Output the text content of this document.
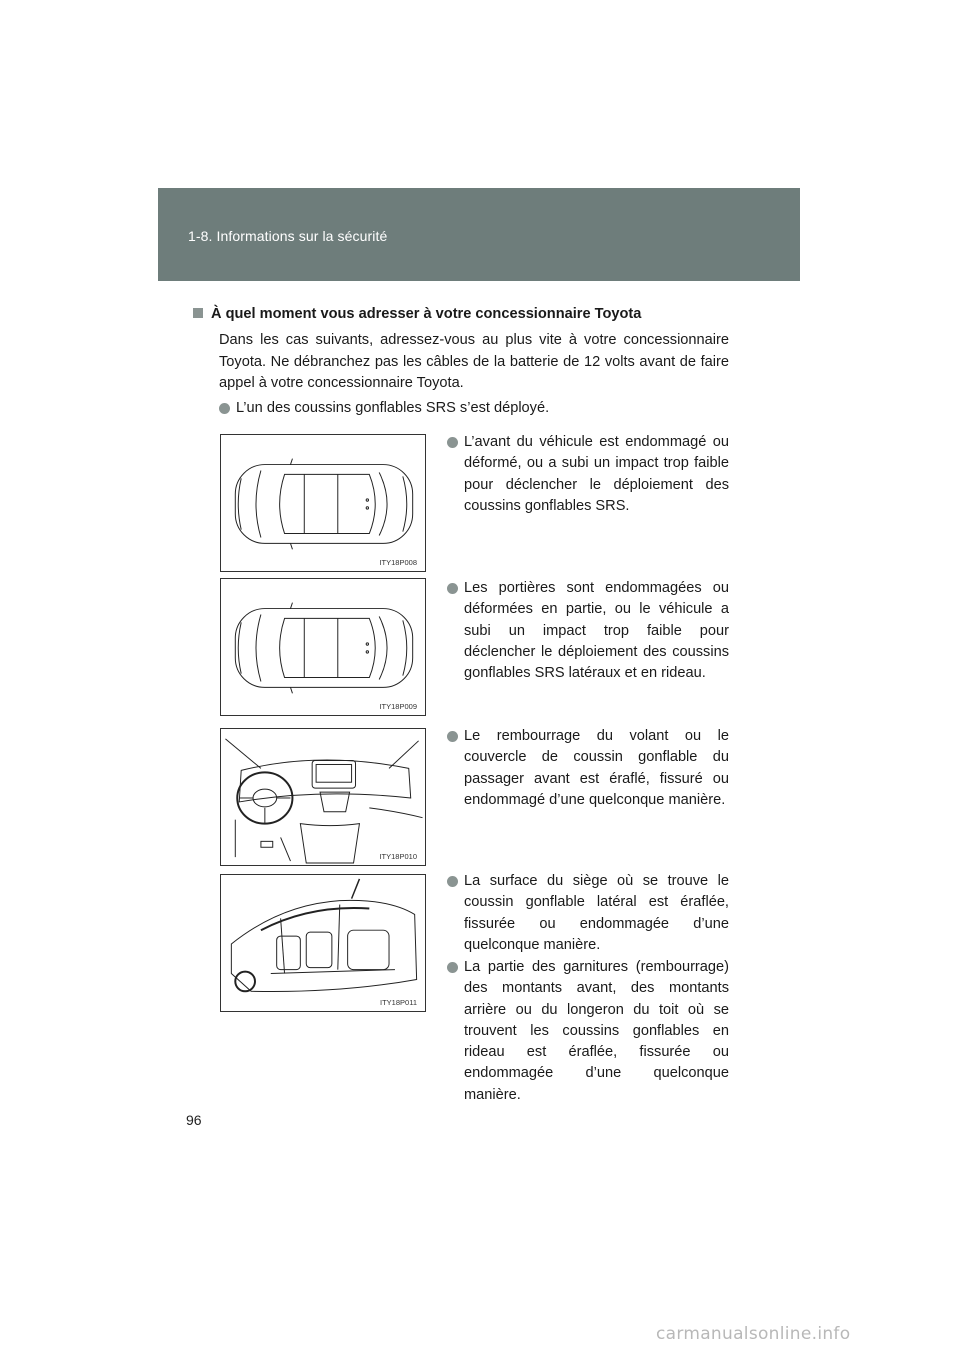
1-8. Informations sur la sécurité
À quel moment vous adresser à votre concessionnaire Toyota

Dans les cas suivants, adressez-vous au plus vite à votre concessionnaire Toyota. Ne débranchez pas les câbles de la batterie de 12 volts avant de faire appel à votre concessionnaire Toyota.

L’un des coussins gonflables SRS s’est déployé.
ITY18P008
L’avant du véhicule est endommagé ou déformé, ou a subi un impact trop faible pour déclencher le déploiement des coussins gonflables SRS.
ITY18P009
Les portières sont endommagées ou déformées en partie, ou le véhicule a subi un impact trop faible pour déclencher le déploiement des coussins gonflables SRS latéraux et en rideau.
ITY18P010
Le rembourrage du volant ou le couvercle de coussin gonflable du passager avant est éraflé, fissuré ou endommagé d’une quelconque manière.
ITY18P011
La surface du siège où se trouve le coussin gonflable latéral est éraflée, fissurée ou endommagée d’une quelconque manière.
La partie des garnitures (rembourrage) des montants avant, des montants arrière ou du longeron du toit où se trouvent les coussins gonflables en rideau est éraflée, fissurée ou endommagée d’une quelconque manière.
96
carmanualsonline.info
